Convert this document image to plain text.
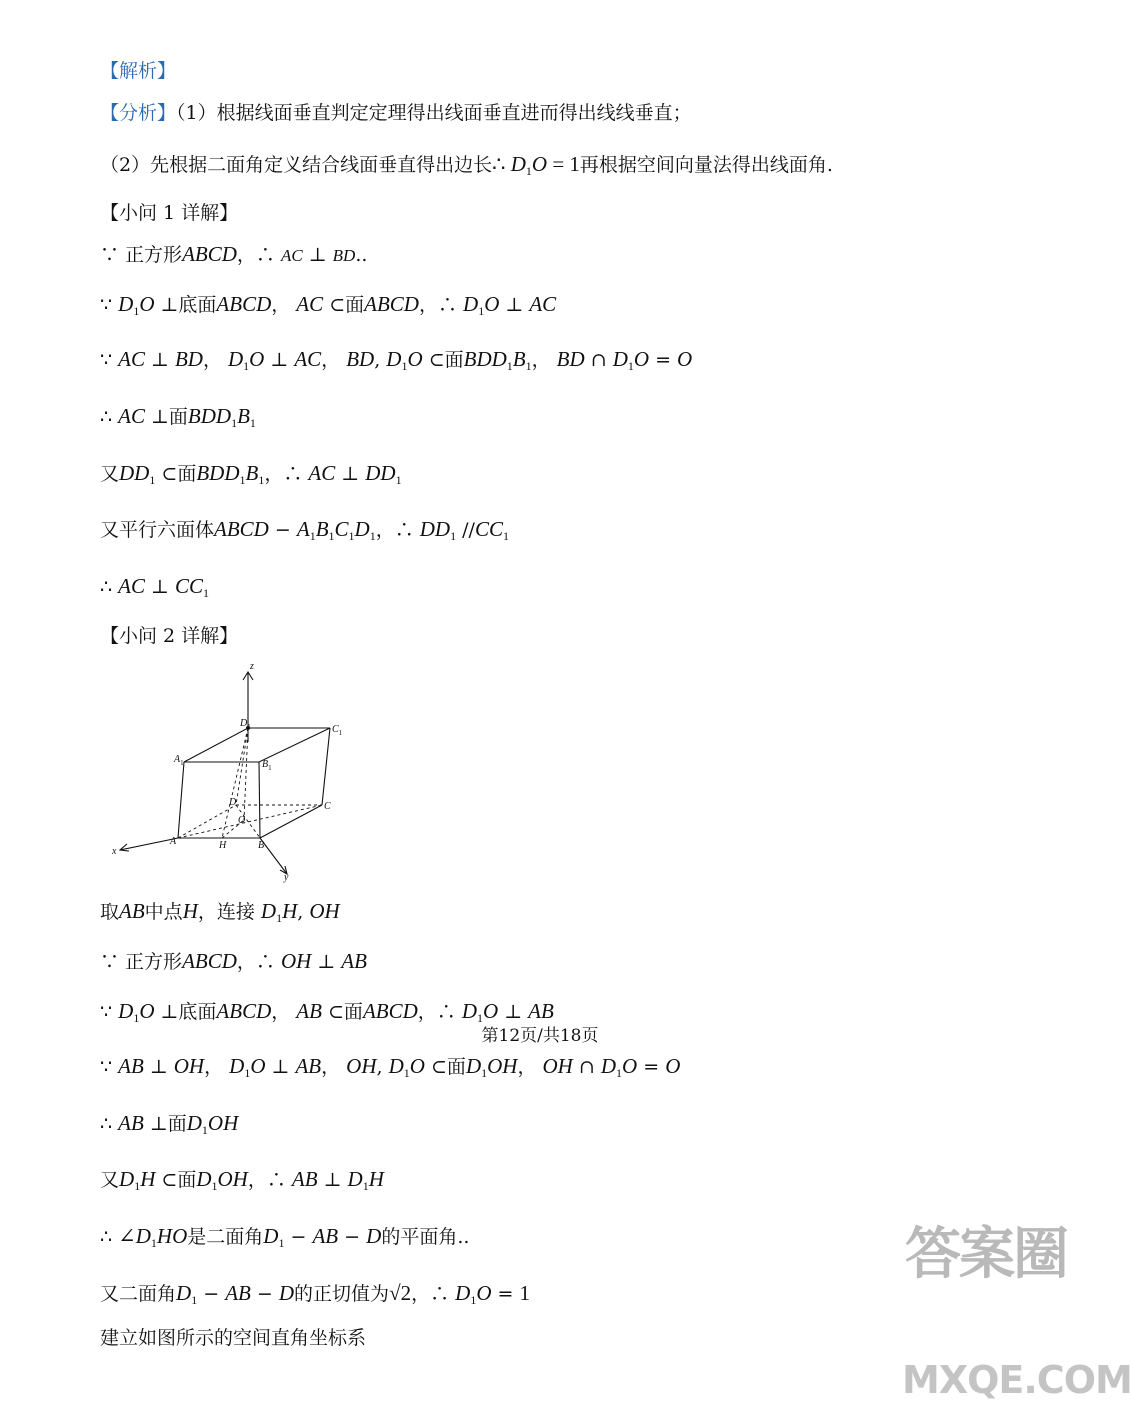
【解析】
【分析】（1）根据线面垂直判定定理得出线面垂直进而得出线线垂直；
（2）先根据二面角定义结合线面垂直得出边长∴ $D_1O = 1$再根据空间向量法得出线面角.
【小问 1 详解】
∵ 正方形ABCD，∴ AC ⊥ BD..
∵ $D_1O$ ⊥底面ABCD， AC ⊂面ABCD，∴ $D_1O$ ⊥ AC
∵ AC ⊥ BD， $D_1O$ ⊥ AC， BD, $D_1O$ ⊂面$BDD_1B_1$， BD ∩ $D_1O = O$
∴ AC ⊥面$BDD_1B_1$
又$DD_1$ ⊂面$BDD_1B_1$，∴ AC ⊥ $DD_1$
又平行六面体ABCD − $A_1B_1C_1D_1$，∴ $DD_1$ $//CC_1$
∴ AC ⊥ $CC_1$
【小问 2 详解】
z
x
y
$D_1$	$C_1$
$A_1$	$B_1$
D
O
C
A	H	B
取AB中点H，连接 $D_1H$, OH
∵ 正方形ABCD，∴ OH ⊥ AB
∵ $D_1O$ ⊥底面ABCD， AB ⊂面ABCD，∴ $D_1O$ ⊥ AB
∵ AB ⊥ OH， $D_1O$ ⊥ AB， OH, $D_1O$ ⊂面$D_1OH$， OH ∩ $D_1O = O$
∴ AB ⊥面$D_1OH$
又$D_1H$ ⊂面$D_1OH$，∴ AB ⊥ $D_1H$
∴ $\angle D_1HO$是二面角$D_1$ − AB − D的平面角..
又二面角$D_1$ − AB − D的正切值为√2，∴ $D_1O = 1$
建立如图所示的空间直角坐标系
第12页/共18页
答案圈
MXQE.COM
